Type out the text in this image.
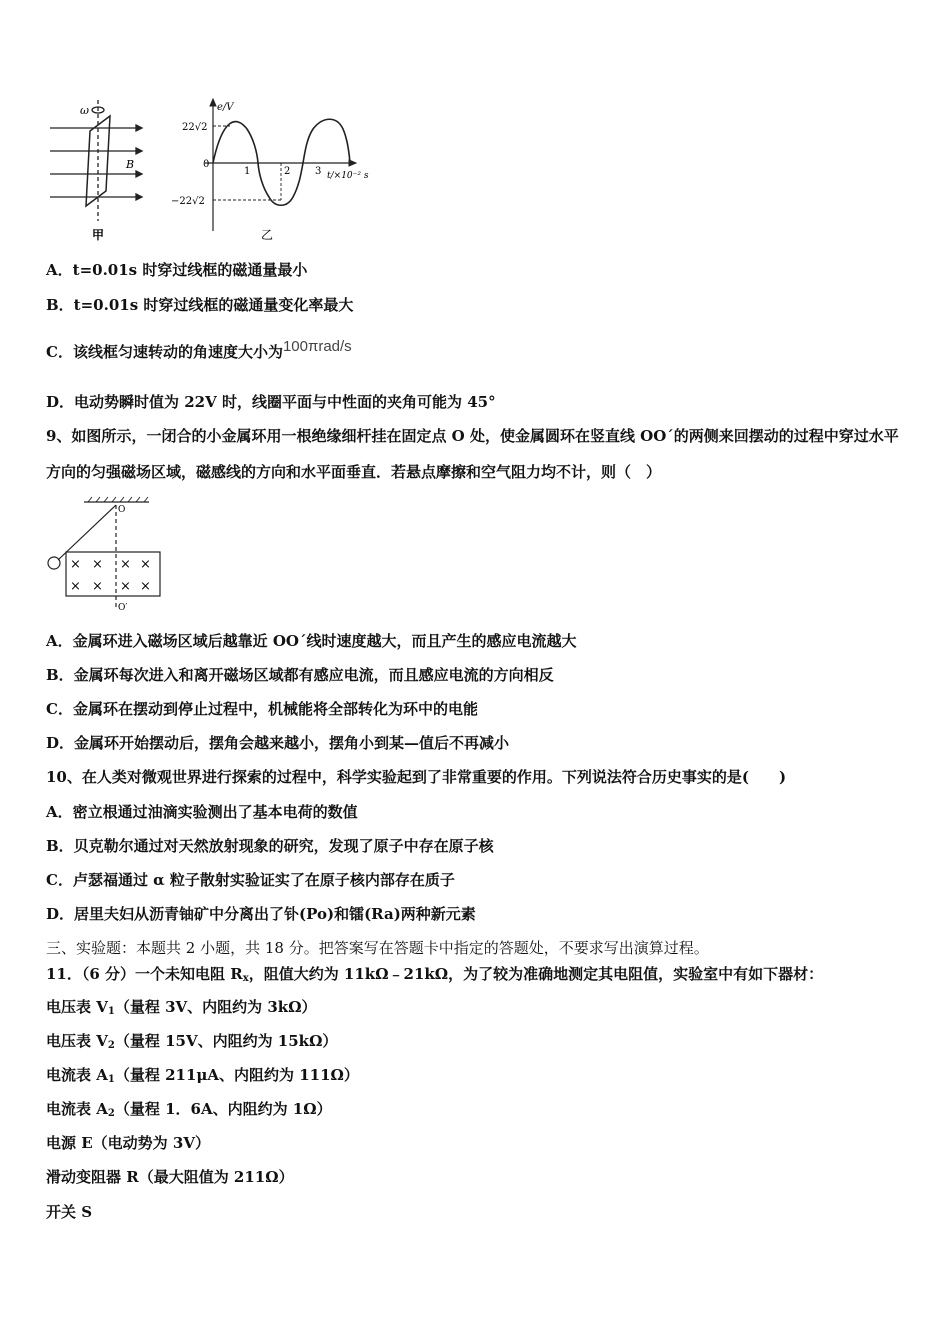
ω
B
甲
e/V
22√2
−22√2
0
1	2 3 t/×10⁻² s
乙
A．t=0.01s 时穿过线框的磁通量最小
B．t=0.01s 时穿过线框的磁通量变化率最大
C．该线框匀速转动的角速度大小为100πrad/s
D．电动势瞬时值为 22V 时，线圈平面与中性面的夹角可能为 45°
9、如图所示，一闭合的小金属环用一根绝缘细杆挂在固定点 O 处，使金属圆环在竖直线 OO´的两侧来回摆动的过程中穿过水平方向的匀强磁场区域，磁感线的方向和水平面垂直．若悬点摩擦和空气阻力均不计，则（　）
O
O′
× × × ×
× × × ×
A．金属环进入磁场区域后越靠近 OO´线时速度越大，而且产生的感应电流越大
B．金属环每次进入和离开磁场区域都有感应电流，而且感应电流的方向相反
C．金属环在摆动到停止过程中，机械能将全部转化为环中的电能
D．金属环开始摆动后，摆角会越来越小，摆角小到某—值后不再减小
10、在人类对微观世界进行探索的过程中，科学实验起到了非常重要的作用。下列说法符合历史事实的是(　　)
A．密立根通过油滴实验测出了基本电荷的数值
B．贝克勒尔通过对天然放射现象的研究，发现了原子中存在原子核
C．卢瑟福通过 α 粒子散射实验证实了在原子核内部存在质子
D．居里夫妇从沥青铀矿中分离出了钋(Po)和镭(Ra)两种新元素
三、实验题：本题共 2 小题，共 18 分。把答案写在答题卡中指定的答题处，不要求写出演算过程。
11．（6 分）一个未知电阻 $R_x$，阻值大约为 11kΩ﹣21kΩ，为了较为准确地测定其电阻值，实验室中有如下器材：
电压表 $V_1$（量程 3V、内阻约为 3kΩ）
电压表 $V_2$（量程 15V、内阻约为 15kΩ）
电流表 $A_1$（量程 211μA、内阻约为 111Ω）
电流表 $A_2$（量程 1．6A、内阻约为 1Ω）
电源 E（电动势为 3V）
滑动变阻器 R（最大阻值为 211Ω）
开关 S
